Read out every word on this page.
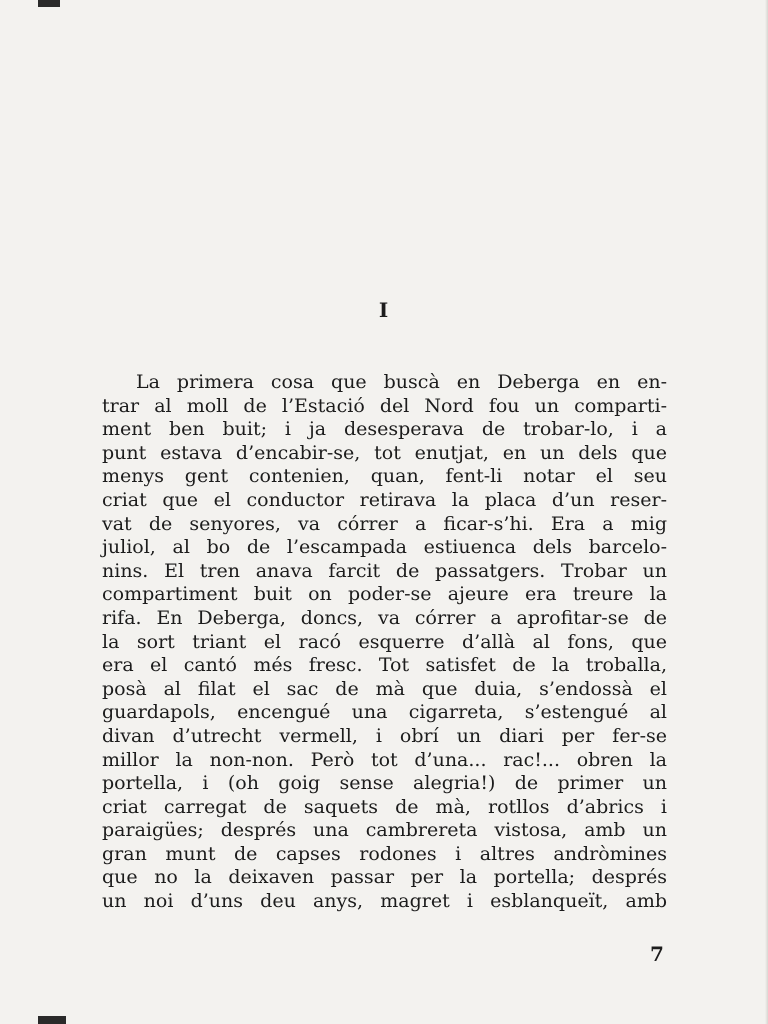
I
La primera cosa que buscà en Deberga en en-
trar al moll de l’Estació del Nord fou un comparti-
ment ben buit; i ja desesperava de trobar-lo, i a
punt estava d’encabir-se, tot enutjat, en un dels que
menys gent contenien, quan, fent-li notar el seu
criat que el conductor retirava la placa d’un reser-
vat de senyores, va córrer a ficar-s’hi. Era a mig
juliol, al bo de l’escampada estiuenca dels barcelo-
nins. El tren anava farcit de passatgers. Trobar un
compartiment buit on poder-se ajeure era treure la
rifa. En Deberga, doncs, va córrer a aprofitar-se de
la sort triant el racó esquerre d’allà al fons, que
era el cantó més fresc. Tot satisfet de la troballa,
posà al filat el sac de mà que duia, s’endossà el
guardapols, encengué una cigarreta, s’estengué al
divan d’utrecht vermell, i obrí un diari per fer-se
millor la non-non. Però tot d’una... rac!... obren la
portella, i (oh goig sense alegria!) de primer un
criat carregat de saquets de mà, rotllos d’abrics i
paraigües; després una cambrereta vistosa, amb un
gran munt de capses rodones i altres andròmines
que no la deixaven passar per la portella; després
un noi d’uns deu anys, magret i esblanqueït, amb
7
